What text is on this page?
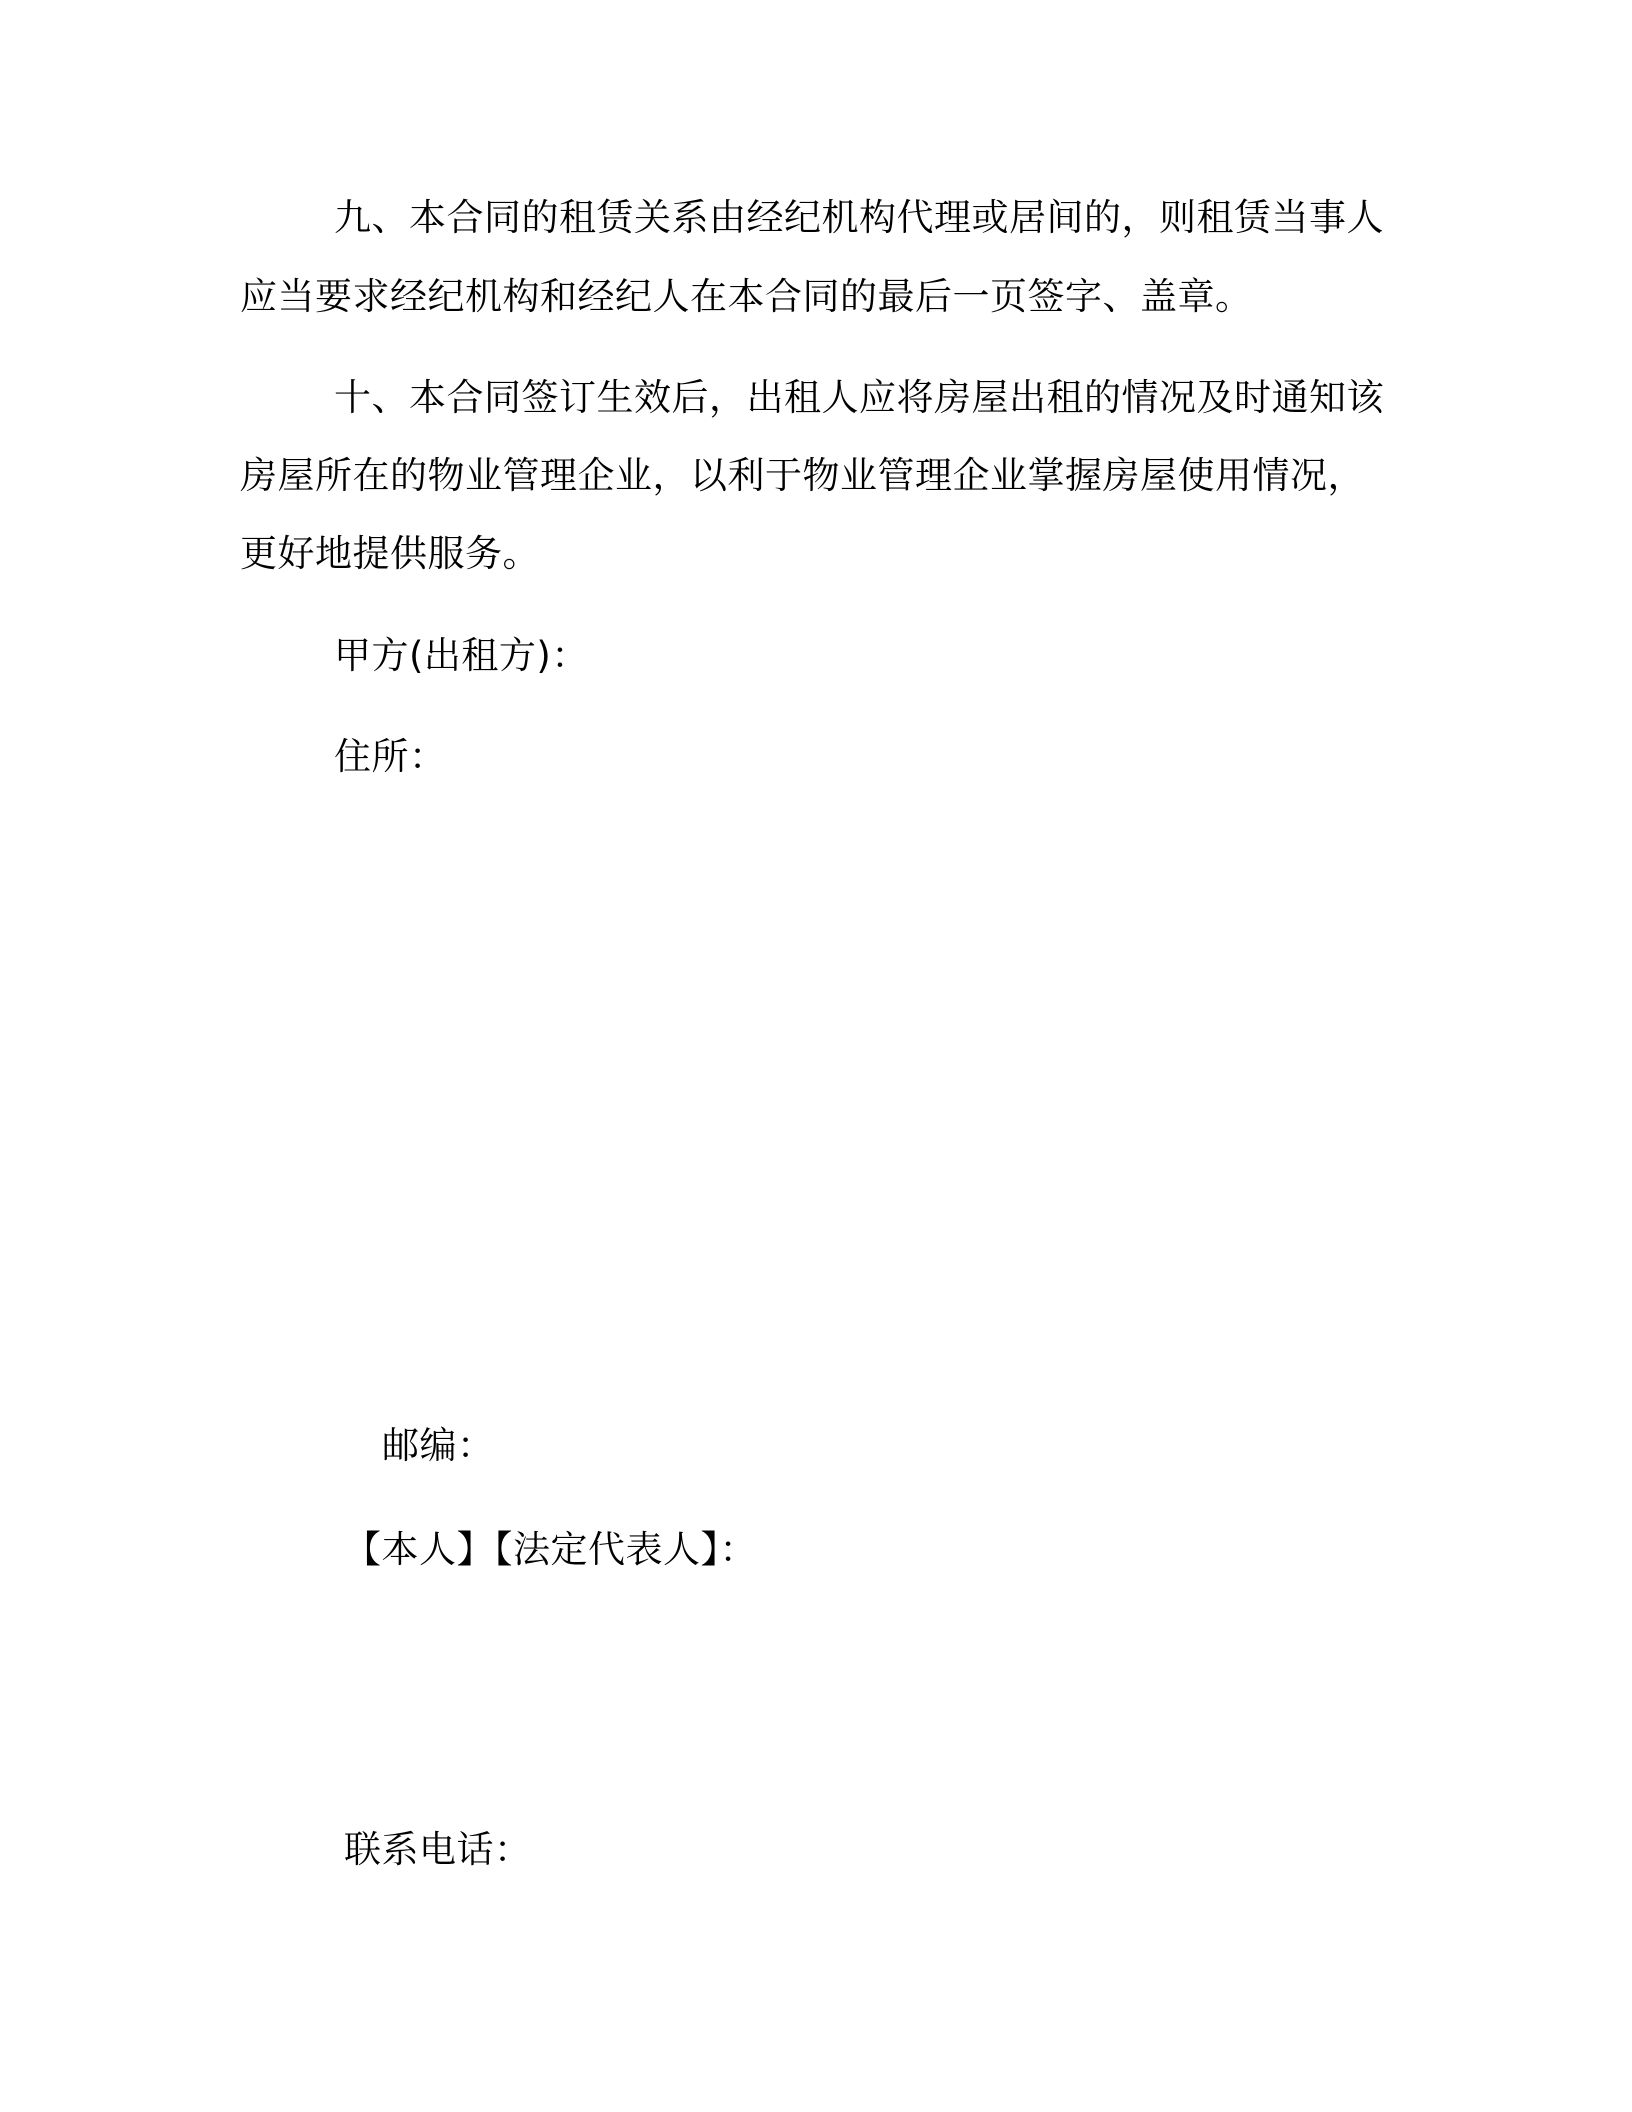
九、本合同的租赁关系由经纪机构代理或居间的，则租赁当事人
应当要求经纪机构和经纪人在本合同的最后一页签字、盖章。
十、本合同签订生效后，出租人应将房屋出租的情况及时通知该
房屋所在的物业管理企业，以利于物业管理企业掌握房屋使用情况，
更好地提供服务。
甲方(出租方)：
住所：
邮编：
【本人】【法定代表人】：
联系电话：
